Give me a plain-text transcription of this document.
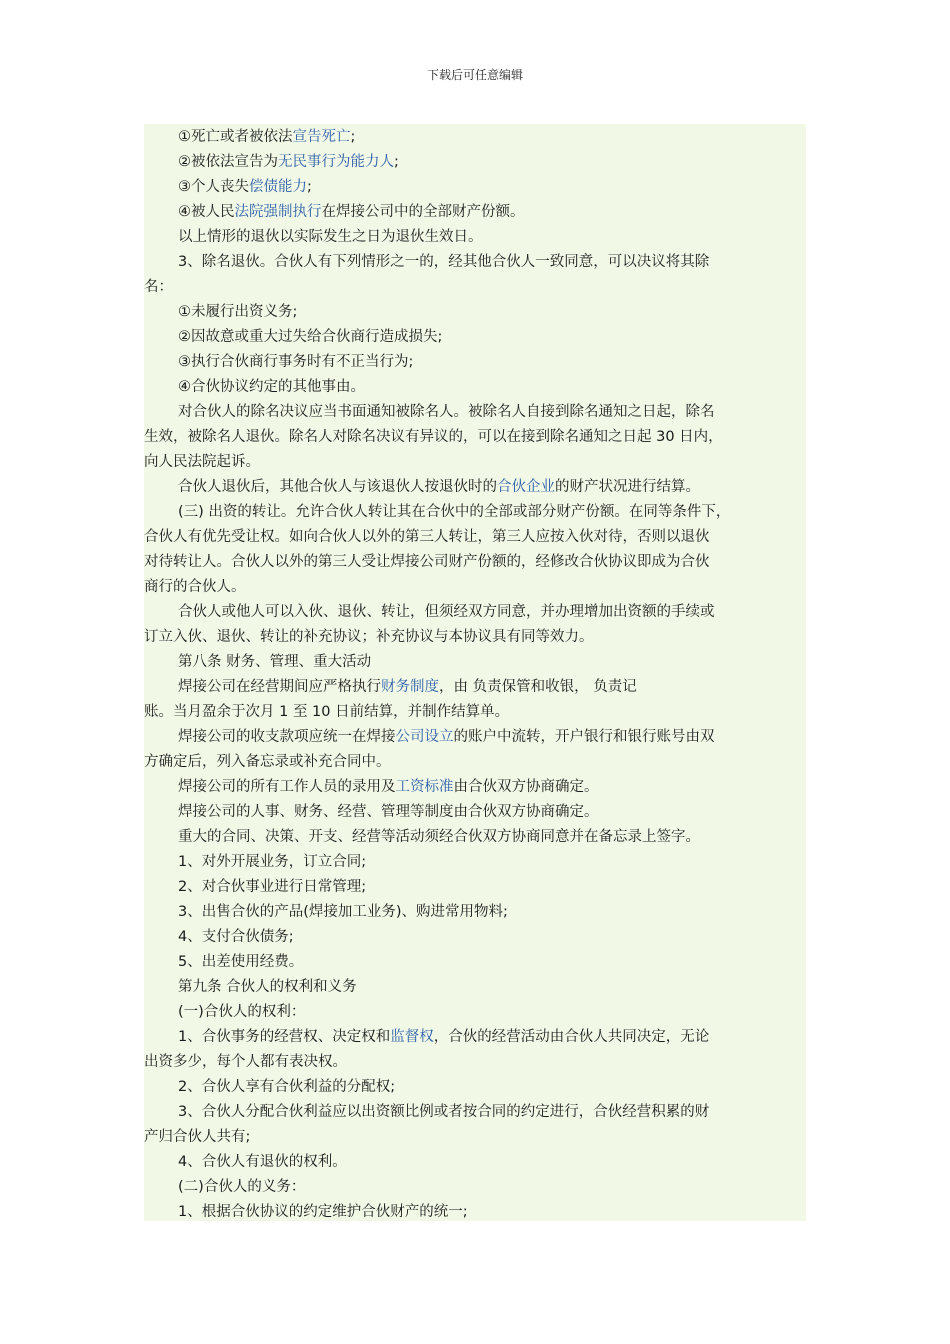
下载后可任意编辑
①死亡或者被依法宣告死亡;
②被依法宣告为无民事行为能力人;
③个人丧失偿债能力;
④被人民法院强制执行在焊接公司中的全部财产份额。
以上情形的退伙以实际发生之日为退伙生效日。
3、除名退伙。合伙人有下列情形之一的，经其他合伙人一致同意，可以决议将其除
名：
①未履行出资义务;
②因故意或重大过失给合伙商行造成损失;
③执行合伙商行事务时有不正当行为;
④合伙协议约定的其他事由。
对合伙人的除名决议应当书面通知被除名人。被除名人自接到除名通知之日起，除名
生效，被除名人退伙。除名人对除名决议有异议的，可以在接到除名通知之日起 30 日内，
向人民法院起诉。
合伙人退伙后，其他合伙人与该退伙人按退伙时的合伙企业的财产状况进行结算。
(三) 出资的转让。允许合伙人转让其在合伙中的全部或部分财产份额。在同等条件下，
合伙人有优先受让权。如向合伙人以外的第三人转让，第三人应按入伙对待，否则以退伙
对待转让人。合伙人以外的第三人受让焊接公司财产份额的，经修改合伙协议即成为合伙
商行的合伙人。
合伙人或他人可以入伙、退伙、转让，但须经双方同意，并办理增加出资额的手续或
订立入伙、退伙、转让的补充协议；补充协议与本协议具有同等效力。
第八条 财务、管理、重大活动
焊接公司在经营期间应严格执行财务制度，由 负责保管和收银， 负责记
账。当月盈余于次月 1 至 10 日前结算，并制作结算单。
焊接公司的收支款项应统一在焊接公司设立的账户中流转，开户银行和银行账号由双
方确定后，列入备忘录或补充合同中。
焊接公司的所有工作人员的录用及工资标准由合伙双方协商确定。
焊接公司的人事、财务、经营、管理等制度由合伙双方协商确定。
重大的合同、决策、开支、经营等活动须经合伙双方协商同意并在备忘录上签字。
1、对外开展业务，订立合同;
2、对合伙事业进行日常管理;
3、出售合伙的产品(焊接加工业务)、购进常用物料;
4、支付合伙债务;
5、出差使用经费。
第九条 合伙人的权利和义务
(一)合伙人的权利：
1、合伙事务的经营权、决定权和监督权，合伙的经营活动由合伙人共同决定，无论
出资多少，每个人都有表决权。
2、合伙人享有合伙利益的分配权;
3、合伙人分配合伙利益应以出资额比例或者按合同的约定进行，合伙经营积累的财
产归合伙人共有;
4、合伙人有退伙的权利。
(二)合伙人的义务：
1、根据合伙协议的约定维护合伙财产的统一;
